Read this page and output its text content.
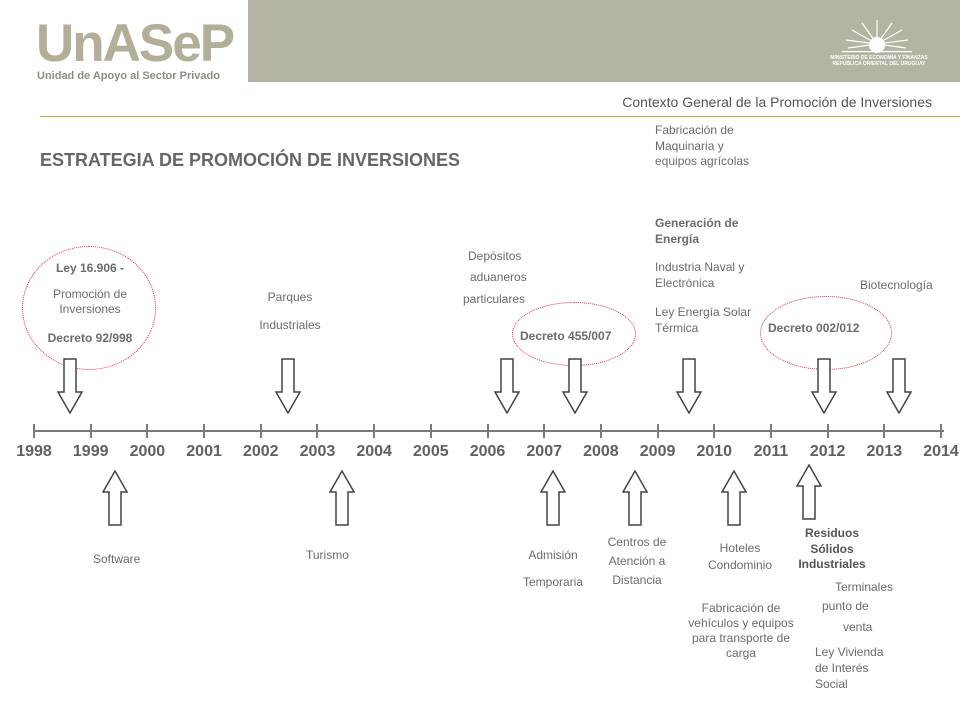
UnASeP
Unidad de Apoyo al Sector Privado
MINISTERIO DE ECONOMÍA Y FINANZAS
REPÚBLICA ORIENTAL DEL URUGUAY
Contexto General de la Promoción de Inversiones
ESTRATEGIA DE PROMOCIÓN DE INVERSIONES
Ley 16.906 -
Promoción de Inversiones
Decreto 92/998
Parques
Industriales
Depósitos
aduaneros
particulares
Decreto 455/007
Fabricación de Maquinaria y equipos agrícolas
Generación de Energía
Industria Naval y Electrónica
Ley Energía Solar Térmica	Decreto 002/012
Biotecnología
1998	1999	2000	2001	2002	2003	2004	2005	2006	2007	2008	2009	2010	2011	2012	2013	2014
Software	Turismo	Admisión
Temporaria
Centros de
Atención a
Distancia
Hoteles
Condominio
Fabricación de vehículos y equipos para transporte de carga
Residuos Sólidos Industriales
Terminales
punto de
venta
Ley Vivienda de Interés Social
